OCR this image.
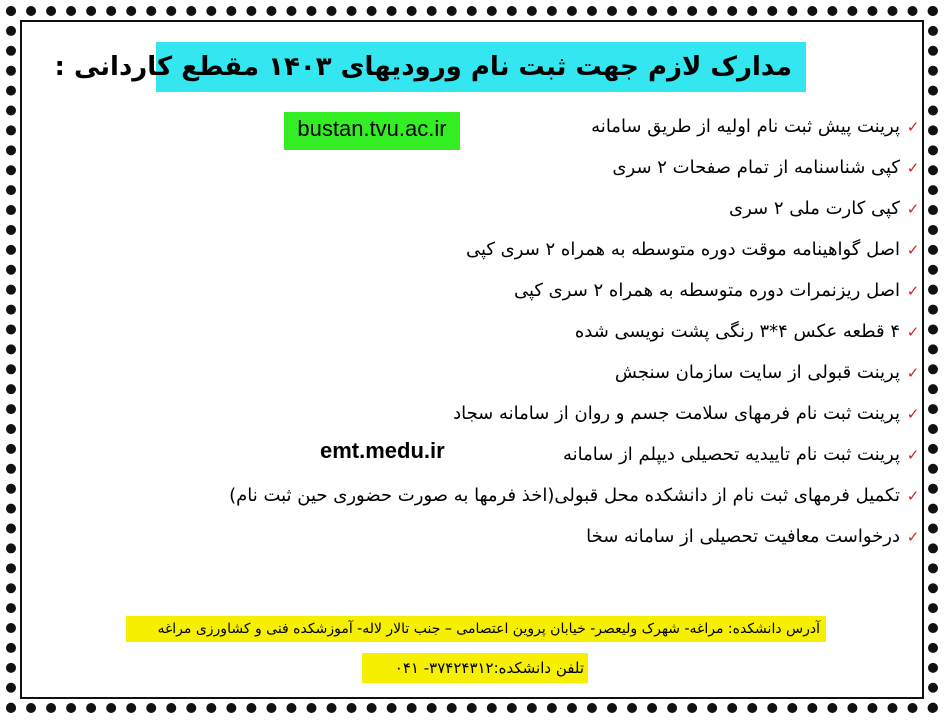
مدارک لازم جهت ثبت نام ورودیهای ۱۴۰۳ مقطع کاردانی :
✓پرینت پیش ثبت نام اولیه از طریق سامانه
✓کپی شناسنامه از تمام صفحات ۲ سری
✓کپی کارت ملی ۲ سری
✓اصل گواهینامه موقت دوره متوسطه به همراه ۲ سری کپی
✓اصل ریزنمرات دوره متوسطه به همراه ۲ سری کپی
✓۴ قطعه عکس ۴*۳ رنگی پشت نویسی شده
✓پرینت قبولی از سایت سازمان سنجش
✓پرینت ثبت نام فرمهای سلامت جسم و روان از سامانه سجاد
✓پرینت ثبت نام تاییدیه تحصیلی دیپلم از سامانه
✓تکمیل فرمهای ثبت نام از دانشکده محل قبولی(اخذ فرمها به صورت حضوری حین ثبت نام)
✓درخواست معافیت تحصیلی از سامانه سخا
bustan.tvu.ac.ir
emt.medu.ir
آدرس دانشکده: مراغه- شهرک ولیعصر- خیابان پروین اعتصامی – جنب تالار لاله- آموزشکده فنی و کشاورزی مراغه
تلفن دانشکده:۳۷۴۲۴۳۱۲- ۰۴۱
